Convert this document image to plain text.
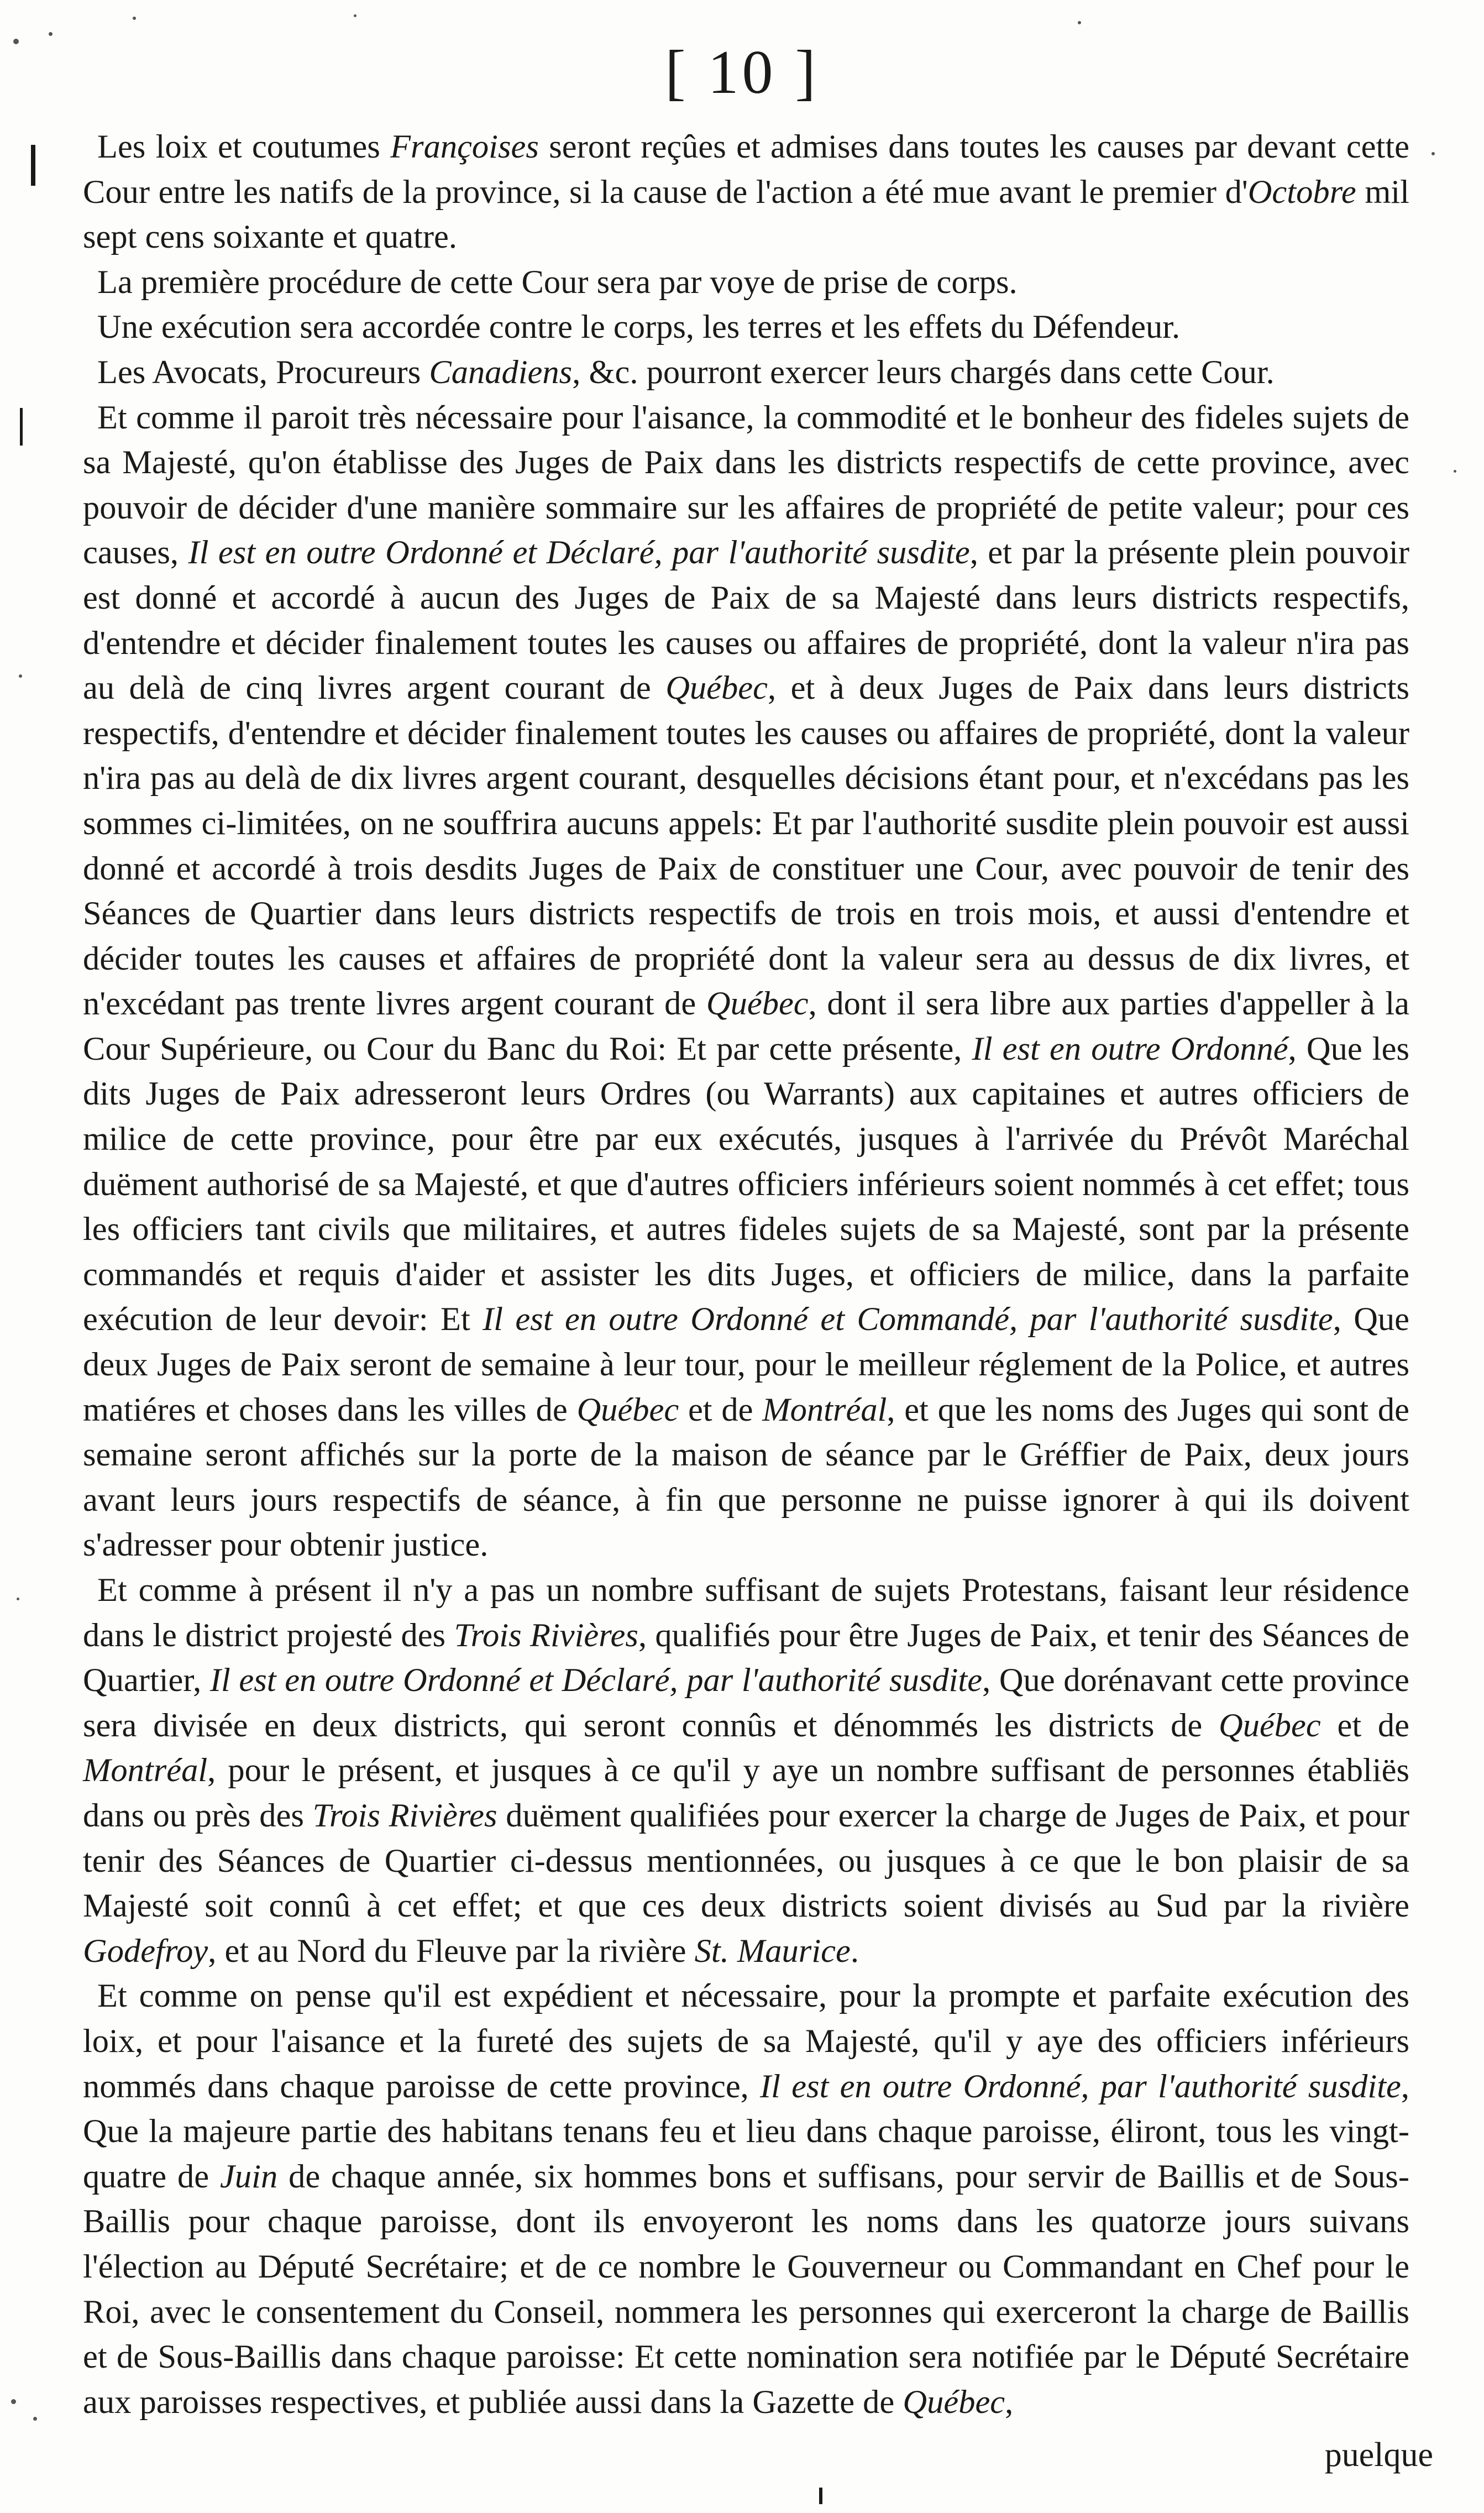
[ 10 ]

Les loix et coutumes Françoises seront reçûes et admises dans toutes les causes par devant cette Cour entre les natifs de la province, si la cause de l'action a été mue avant le premier d'Octobre mil sept cens soixante et quatre.

La première procédure de cette Cour sera par voye de prise de corps.

Une exécution sera accordée contre le corps, les terres et les effets du Défendeur.

Les Avocats, Procureurs Canadiens, &c. pourront exercer leurs chargés dans cette Cour.

Et comme il paroit très nécessaire pour l'aisance, la commodité et le bonheur des fideles sujets de sa Majesté, qu'on établisse des Juges de Paix dans les districts respectifs de cette province, avec pouvoir de décider d'une manière sommaire sur les affaires de propriété de petite valeur; pour ces causes, Il est en outre Ordonné et Déclaré, par l'authorité susdite, et par la présente plein pouvoir est donné et accordé à aucun des Juges de Paix de sa Majesté dans leurs districts respectifs, d'entendre et décider finalement toutes les causes ou affaires de propriété, dont la valeur n'ira pas au delà de cinq livres argent courant de Québec, et à deux Juges de Paix dans leurs districts respectifs, d'entendre et décider finalement toutes les causes ou affaires de propriété, dont la valeur n'ira pas au delà de dix livres argent courant, desquelles décisions étant pour, et n'excédans pas les sommes ci-limitées, on ne souffrira aucuns appels: Et par l'authorité susdite plein pouvoir est aussi donné et accordé à trois desdits Juges de Paix de constituer une Cour, avec pouvoir de tenir des Séances de Quartier dans leurs districts respectifs de trois en trois mois, et aussi d'entendre et décider toutes les causes et affaires de propriété dont la valeur sera au dessus de dix livres, et n'excédant pas trente livres argent courant de Québec, dont il sera libre aux parties d'appeller à la Cour Supérieure, ou Cour du Banc du Roi: Et par cette présente, Il est en outre Ordonné, Que les dits Juges de Paix adresseront leurs Ordres (ou Warrants) aux capitaines et autres officiers de milice de cette province, pour être par eux exécutés, jusques à l'arrivée du Prévôt Maréchal duëment authorisé de sa Majesté, et que d'autres officiers inférieurs soient nommés à cet effet; tous les officiers tant civils que militaires, et autres fideles sujets de sa Majesté, sont par la présente commandés et requis d'aider et assister les dits Juges, et officiers de milice, dans la parfaite exécution de leur devoir: Et Il est en outre Ordonné et Commandé, par l'authorité susdite, Que deux Juges de Paix seront de semaine à leur tour, pour le meilleur réglement de la Police, et autres matiéres et choses dans les villes de Québec et de Montréal, et que les noms des Juges qui sont de semaine seront affichés sur la porte de la maison de séance par le Gréffier de Paix, deux jours avant leurs jours respectifs de séance, à fin que personne ne puisse ignorer à qui ils doivent s'adresser pour obtenir justice.

Et comme à présent il n'y a pas un nombre suffisant de sujets Protestans, faisant leur résidence dans le district projesté des Trois Rivières, qualifiés pour être Juges de Paix, et tenir des Séances de Quartier, Il est en outre Ordonné et Déclaré, par l'authorité susdite, Que dorénavant cette province sera divisée en deux districts, qui seront connûs et dénommés les districts de Québec et de Montréal, pour le présent, et jusques à ce qu'il y aye un nombre suffisant de personnes établiës dans ou près des Trois Rivières duëment qualifiées pour exercer la charge de Juges de Paix, et pour tenir des Séances de Quartier ci-dessus mentionnées, ou jusques à ce que le bon plaisir de sa Majesté soit connû à cet effet; et que ces deux districts soient divisés au Sud par la rivière Godefroy, et au Nord du Fleuve par la rivière St. Maurice.

Et comme on pense qu'il est expédient et nécessaire, pour la prompte et parfaite exécution des loix, et pour l'aisance et la fureté des sujets de sa Majesté, qu'il y aye des officiers inférieurs nommés dans chaque paroisse de cette province, Il est en outre Ordonné, par l'authorité susdite, Que la majeure partie des habitans tenans feu et lieu dans chaque paroisse, éliront, tous les vingt-quatre de Juin de chaque année, six hommes bons et suffisans, pour servir de Baillis et de Sous-Baillis pour chaque paroisse, dont ils envoyeront les noms dans les quatorze jours suivans l'élection au Député Secrétaire; et de ce nombre le Gouverneur ou Commandant en Chef pour le Roi, avec le consentement du Conseil, nommera les personnes qui exerceront la charge de Baillis et de Sous-Baillis dans chaque paroisse: Et cette nomination sera notifiée par le Député Secrétaire aux paroisses respectives, et publiée aussi dans la Gazette de Québec,

puelque
